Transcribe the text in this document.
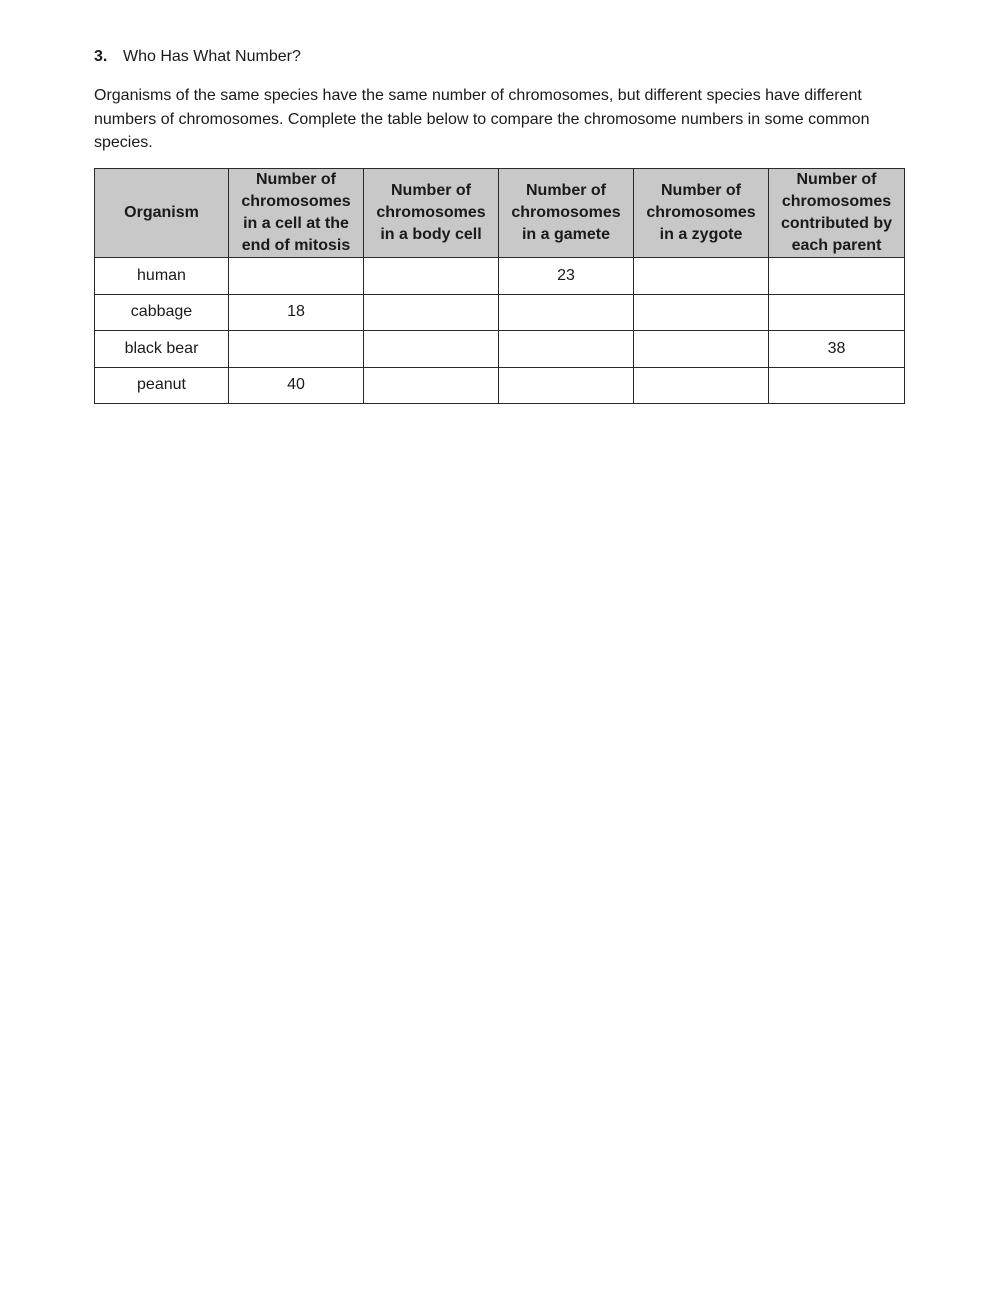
3. Who Has What Number?

Organisms of the same species have the same number of chromosomes, but different species have different numbers of chromosomes. Complete the table below to compare the chromosome numbers in some common species.

Organism	Number of chromosomes in a cell at the end of mitosis	Number of chromosomes in a body cell	Number of chromosomes in a gamete	Number of chromosomes in a zygote	Number of chromosomes contributed by each parent
human			23		
cabbage	18				
black bear					38
peanut	40				
